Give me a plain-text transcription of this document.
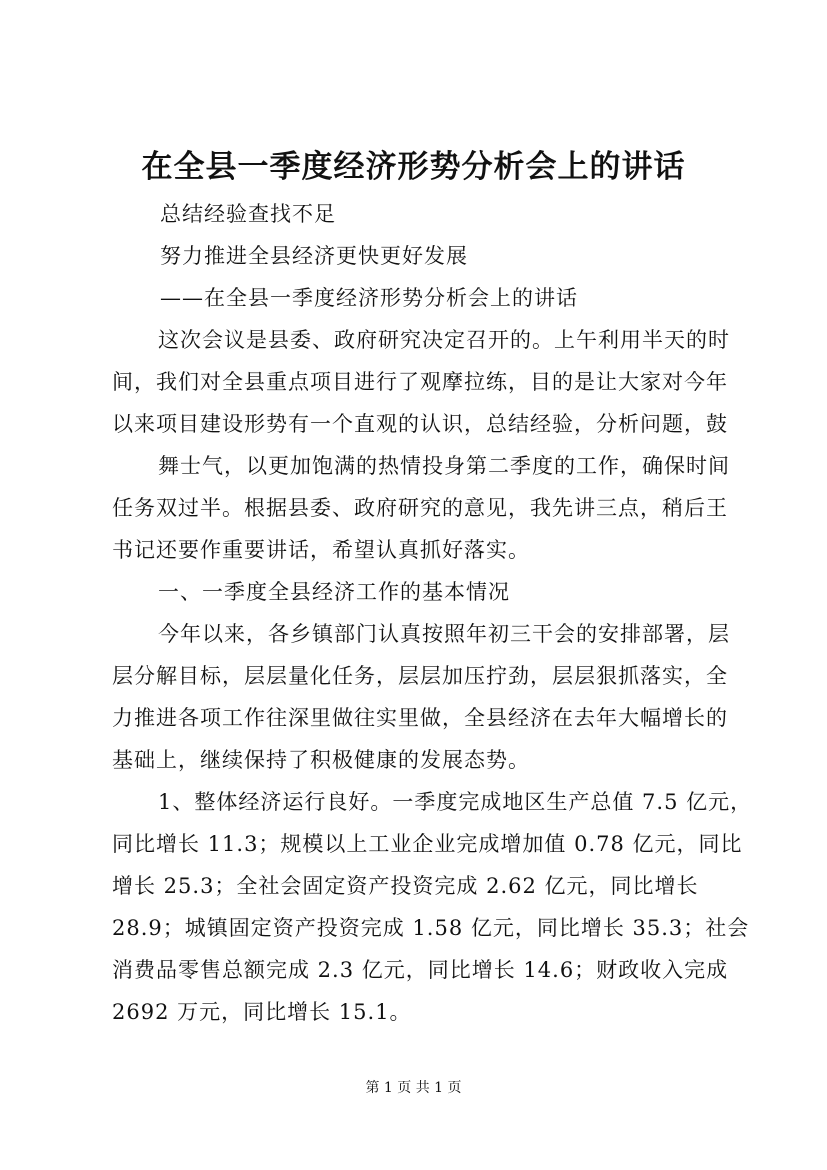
在全县一季度经济形势分析会上的讲话
总结经验查找不足
努力推进全县经济更快更好发展
——在全县一季度经济形势分析会上的讲话
这次会议是县委、政府研究决定召开的。上午利用半天的时
间，我们对全县重点项目进行了观摩拉练，目的是让大家对今年
以来项目建设形势有一个直观的认识，总结经验，分析问题，鼓
舞士气，以更加饱满的热情投身第二季度的工作，确保时间
任务双过半。根据县委、政府研究的意见，我先讲三点，稍后王
书记还要作重要讲话，希望认真抓好落实。
一、一季度全县经济工作的基本情况
今年以来，各乡镇部门认真按照年初三干会的安排部署，层
层分解目标，层层量化任务，层层加压拧劲，层层狠抓落实，全
力推进各项工作往深里做往实里做，全县经济在去年大幅增长的
基础上，继续保持了积极健康的发展态势。
1、整体经济运行良好。一季度完成地区生产总值 7.5 亿元，
同比增长 11.3；规模以上工业企业完成增加值 0.78 亿元，同比
增长 25.3；全社会固定资产投资完成 2.62 亿元，同比增长
28.9；城镇固定资产投资完成 1.58 亿元，同比增长 35.3；社会
消费品零售总额完成 2.3 亿元，同比增长 14.6；财政收入完成
2692 万元，同比增长 15.1。
第 1 页 共 1 页
